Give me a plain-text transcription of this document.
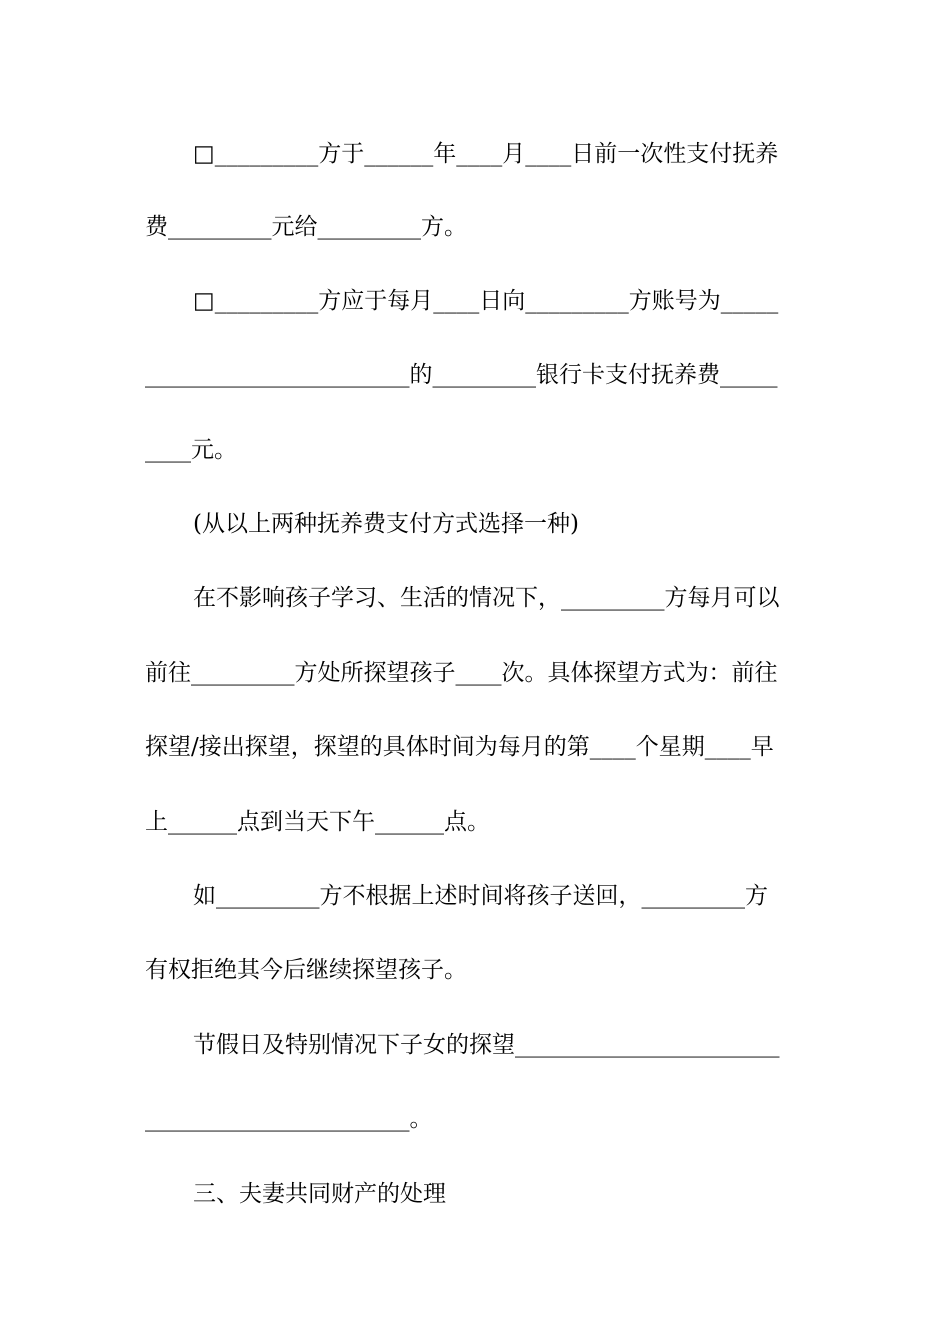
□_________方于______年____月____日前一次性支付抚养
费_________元给_________方。
□_________方应于每月____日向_________方账号为_____
_______________________的_________银行卡支付抚养费_____
____元。
(从以上两种抚养费支付方式选择一种)
在不影响孩子学习、生活的情况下，_________方每月可以
前往_________方处所探望孩子____次。具体探望方式为：前往
探望/接出探望，探望的具体时间为每月的第____个星期____早
上______点到当天下午______点。
如_________方不根据上述时间将孩子送回，_________方
有权拒绝其今后继续探望孩子。
节假日及特别情况下子女的探望_______________________
_______________________。
三、夫妻共同财产的处理
